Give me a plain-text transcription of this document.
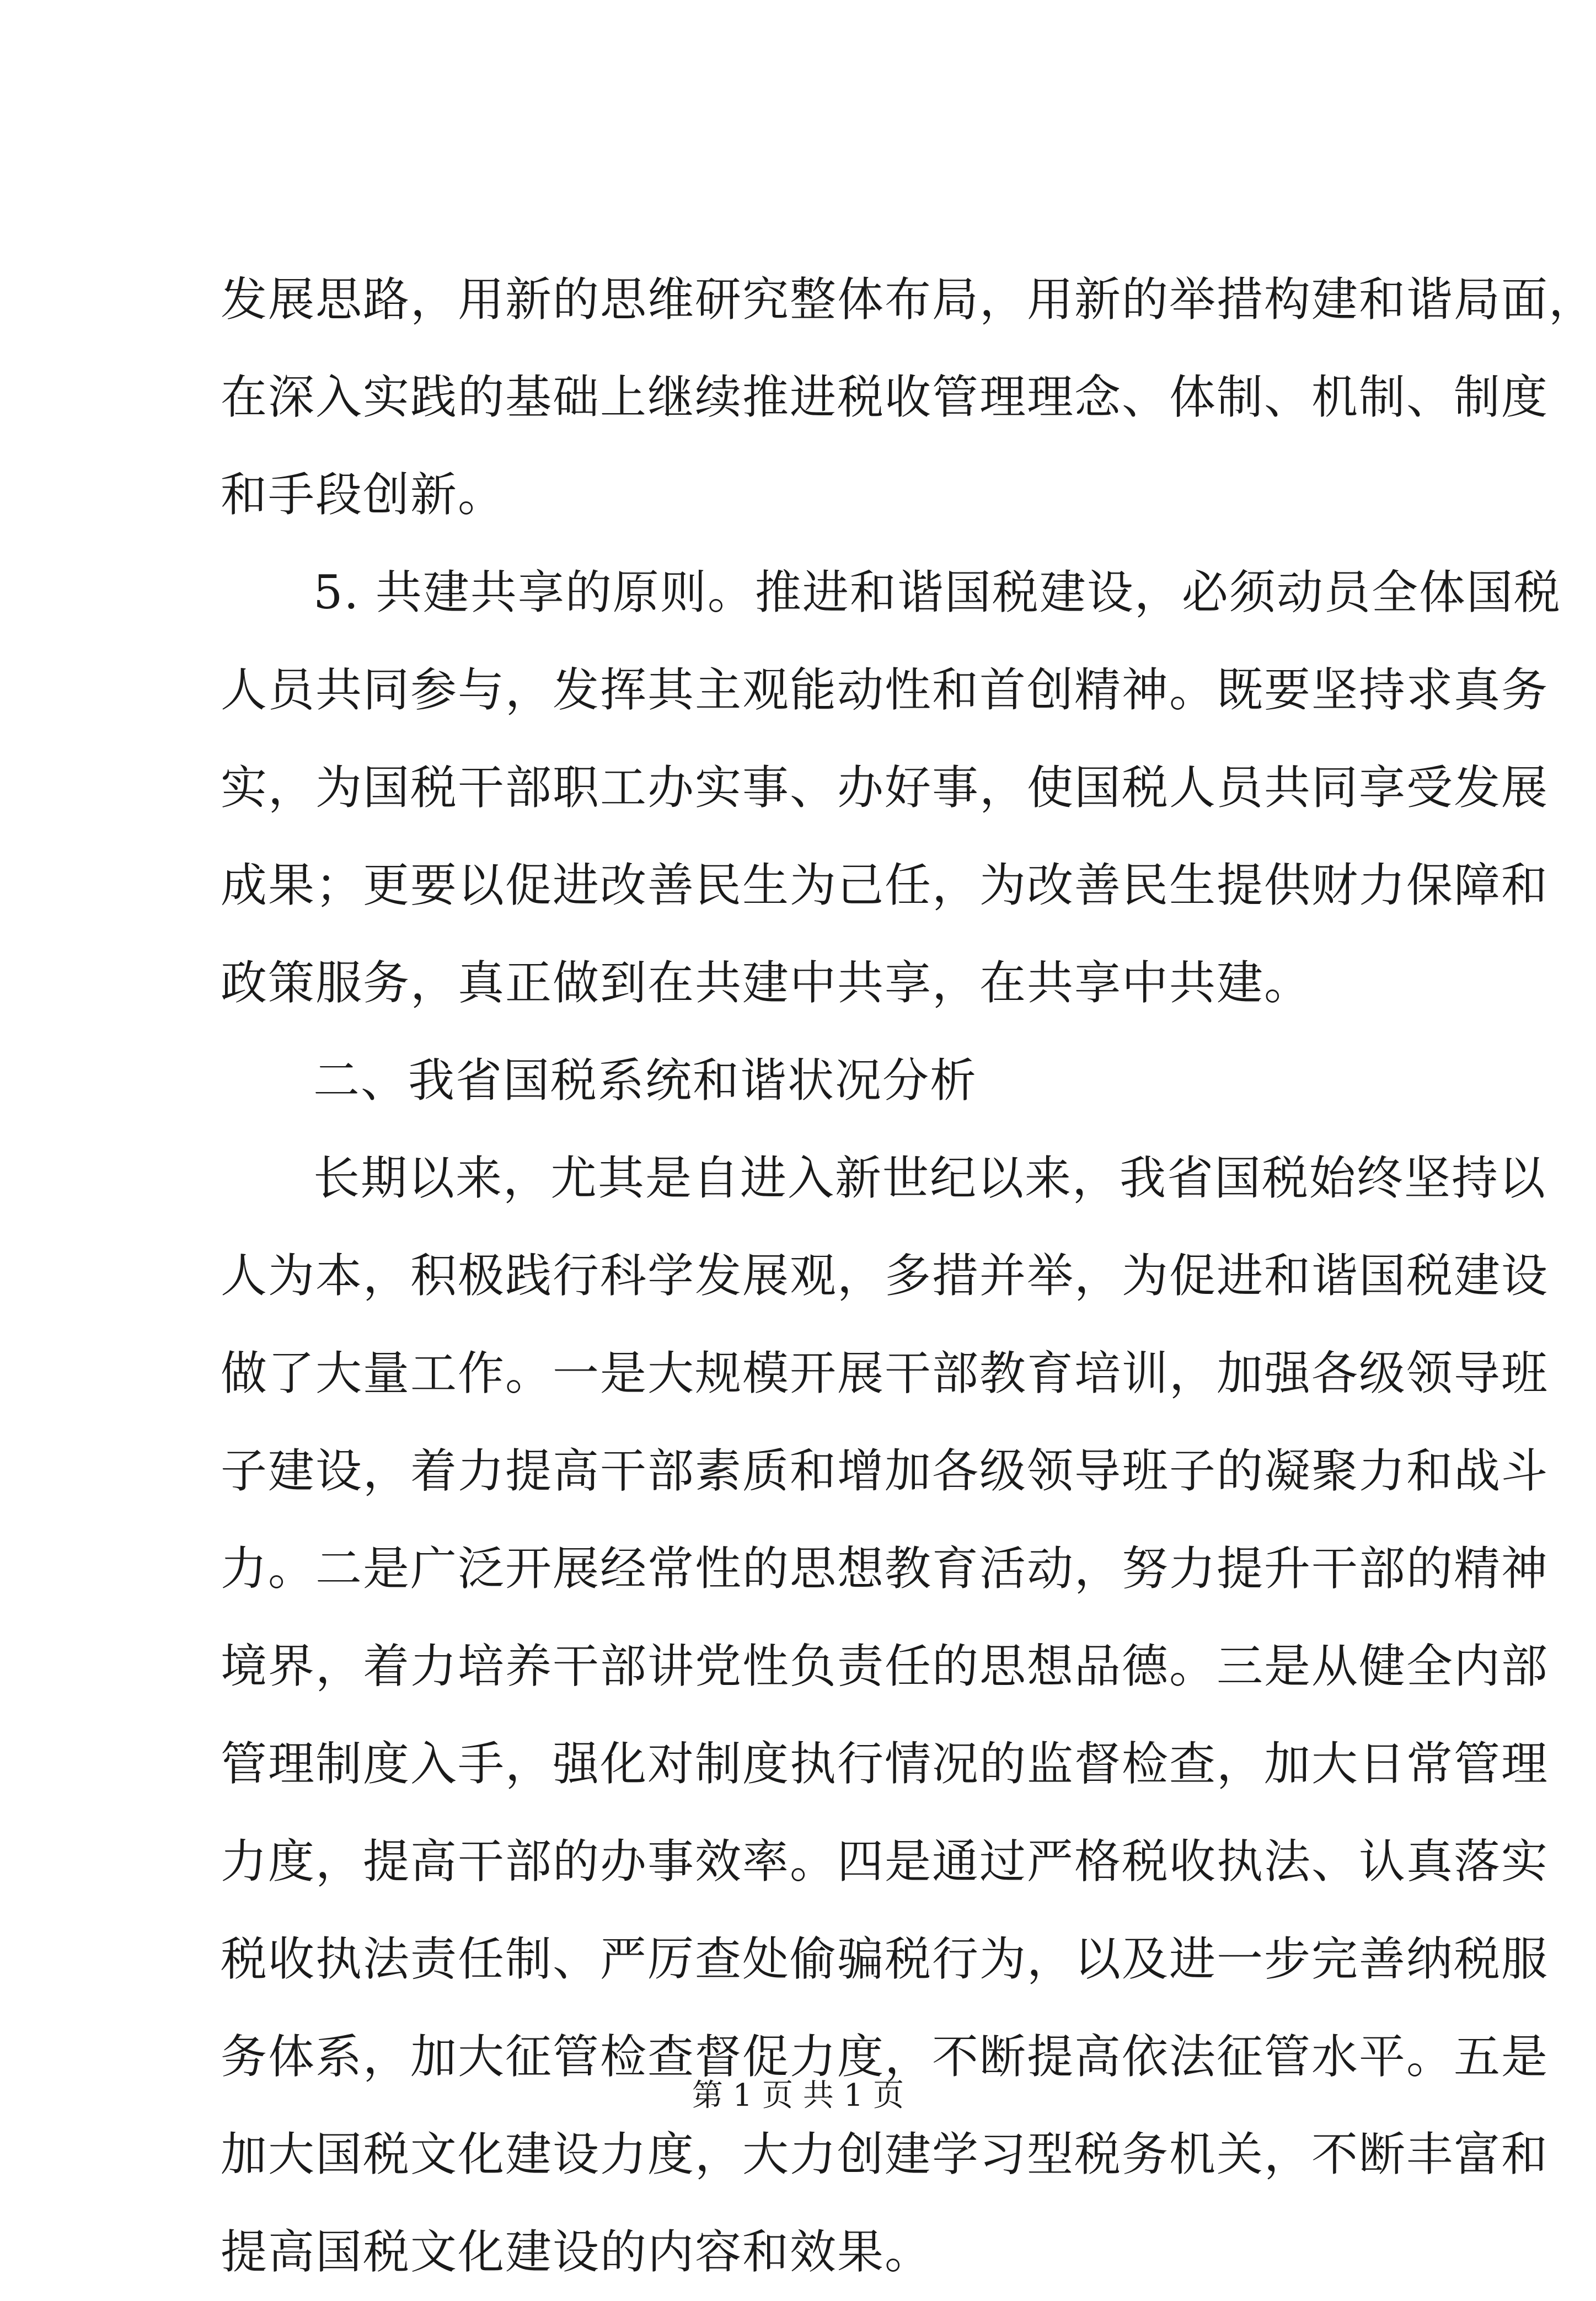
发展思路，用新的思维研究整体布局，用新的举措构建和谐局面，
在深入实践的基础上继续推进税收管理理念、体制、机制、制度
和手段创新。
5. 共建共享的原则。推进和谐国税建设，必须动员全体国税
人员共同参与，发挥其主观能动性和首创精神。既要坚持求真务
实，为国税干部职工办实事、办好事，使国税人员共同享受发展
成果；更要以促进改善民生为己任，为改善民生提供财力保障和
政策服务，真正做到在共建中共享，在共享中共建。
二、我省国税系统和谐状况分析
长期以来，尤其是自进入新世纪以来，我省国税始终坚持以
人为本，积极践行科学发展观，多措并举，为促进和谐国税建设
做了大量工作。一是大规模开展干部教育培训，加强各级领导班
子建设，着力提高干部素质和增加各级领导班子的凝聚力和战斗
力。二是广泛开展经常性的思想教育活动，努力提升干部的精神
境界，着力培养干部讲党性负责任的思想品德。三是从健全内部
管理制度入手，强化对制度执行情况的监督检查，加大日常管理
力度，提高干部的办事效率。四是通过严格税收执法、认真落实
税收执法责任制、严厉查处偷骗税行为，以及进一步完善纳税服
务体系，加大征管检查督促力度，不断提高依法征管水平。五是
加大国税文化建设力度，大力创建学习型税务机关，不断丰富和
提高国税文化建设的内容和效果。
第 1 页 共 1 页
